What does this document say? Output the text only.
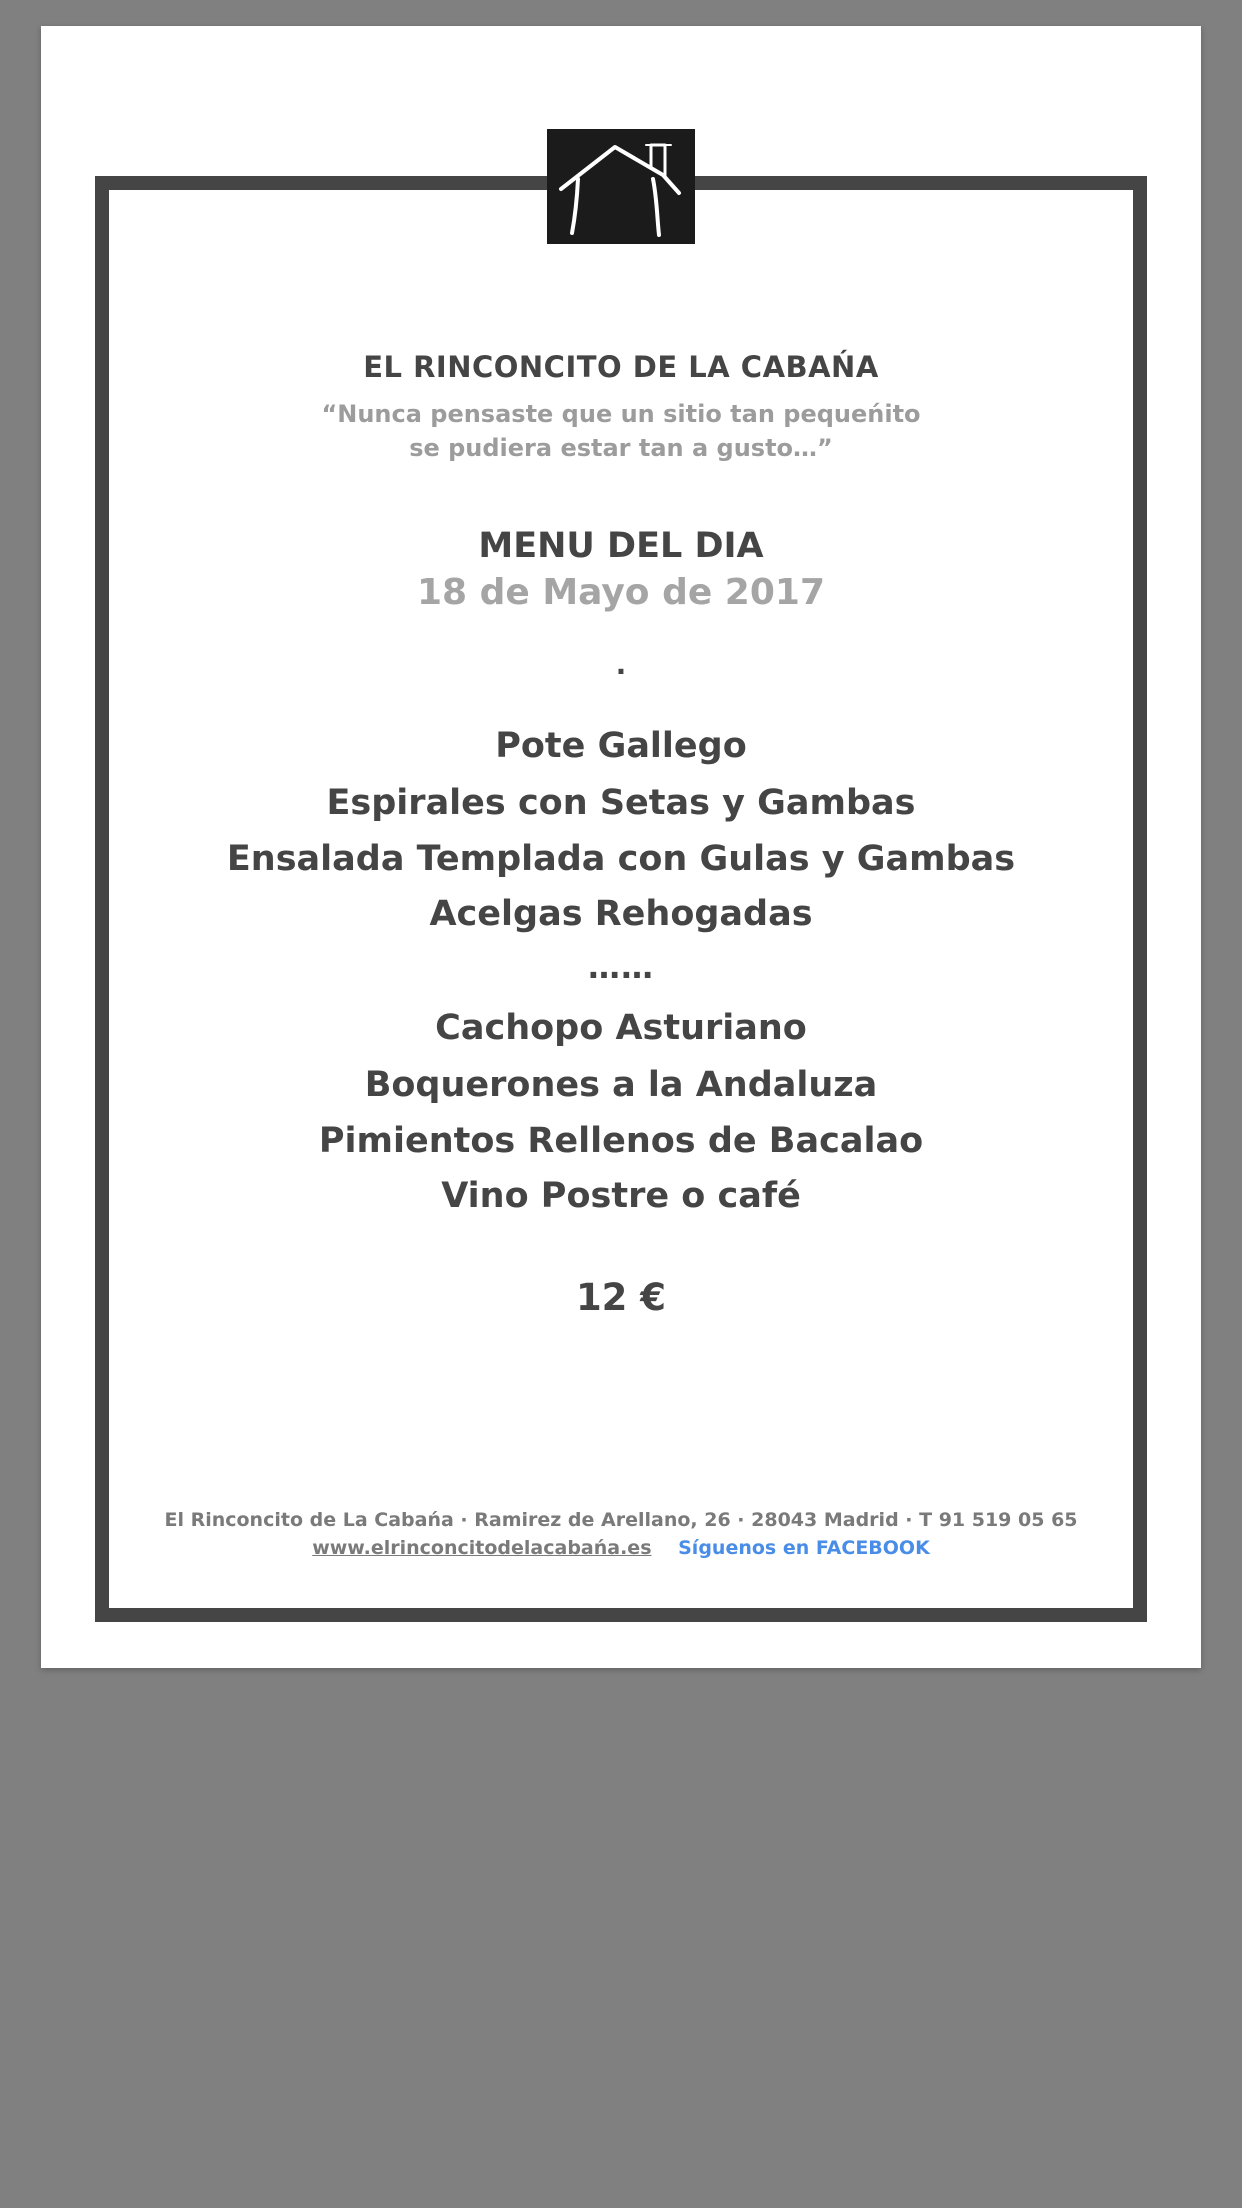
EL RINCONCITO DE LA CABAŃA
“Nunca pensaste que un sitio tan pequeńito
se pudiera estar tan a gusto…”
MENU DEL DIA
18 de Mayo de 2017
.
Pote Gallego
Espirales con Setas y Gambas
Ensalada Templada con Gulas y Gambas
Acelgas Rehogadas
……
Cachopo Asturiano
Boquerones a la Andaluza
Pimientos Rellenos de Bacalao
Vino Postre o café
12 €
El Rinconcito de La Cabańa · Ramirez de Arellano, 26 · 28043 Madrid · T 91 519 05 65
www.elrinconcitodelacabańa.es Síguenos en FACEBOOK
